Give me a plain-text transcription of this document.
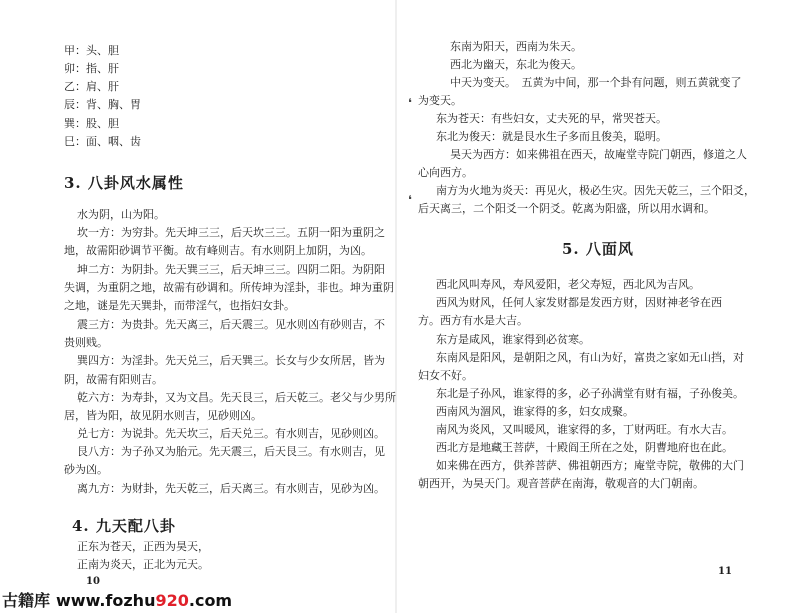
甲：头、胆
卯：指、肝
乙：肩、肝
辰：背、胸、胃
巽：股、胆
巳：面、咽、齿
3. 八卦风水属性
水为阴，山为阳。
坎一方：为穷卦。先天坤三三，后天坎三三。五阴一阳为重阴之
地，故需阳砂调节平衡。故有峰则吉。有水则阴上加阴，为凶。
坤二方：为阴卦。先天巽三三，后天坤三三。四阴二阳。为阴阳
失调，为重阴之地，故需有砂调和。所传坤为淫卦，非也。坤为重阴
之地，谜是先天巽卦，而带淫气，也指妇女卦。
震三方：为贵卦。先天离三，后天震三。见水则凶有砂则吉，不
贵则贱。
巽四方：为淫卦。先天兑三，后天巽三。长女与少女所居，皆为
阴，故需有阳则吉。
乾六方：为寿卦，又为文昌。先天艮三，后天乾三。老父与少男所
居，皆为阳，故见阴水则吉，见砂则凶。
兑七方：为说卦。先天坎三，后天兑三。有水则吉，见砂则凶。
艮八方：为子孙又为胎元。先天震三，后天艮三。有水则吉，见
砂为凶。
离九方：为财卦，先天乾三，后天离三。有水则吉，见砂为凶。
4. 九天配八卦
正东为苍天，正西为昊天，
正南为炎天，正北为元天。
10
❛
❛
东南为阳天，西南为朱天。
西北为幽天，东北为俊天。
中天为变天。　五黄为中间，那一个卦有问题，则五黄就变了
为变天。
东为苍天：有些妇女，丈夫死的早，常哭苍天。
东北为俊天：就是艮水生子多而且俊美，聪明。
昊天为西方：如来佛祖在西天，故庵堂寺院门朝西，修道之人
心向西方。
南方为火地为炎天：再见火，极必生灾。因先天乾三，三个阳爻，
后天离三，二个阳爻一个阴爻。乾离为阳盛，所以用水调和。
5. 八面风
西北风叫寿风，寿风爱阳，老父寿短，西北风为吉风。
西风为财风，任何人家发财都是发西方财，因财神老爷在西
方。西方有水是大吉。
东方是咸风，谁家得到必贫寒。
东南风是阳风，是朝阳之风，有山为好，富贵之家如无山挡，对
妇女不好。
东北是子孙风，谁家得的多，必子孙满堂有财有福，子孙俊美。
西南风为涸风，谁家得的多，妇女成聚。
南风为炎风，又叫暖风，谁家得的多，丁财两旺。有水大吉。
西北方是地藏王菩萨，十殿阎王所在之处，阴曹地府也在此。
如来佛在西方，供养菩萨、佛祖朝西方；庵堂寺院，敬佛的大门
朝西开，为昊天门。观音菩萨在南海，敬观音的大门朝南。
11
古籍库 www.fozhu920.com
